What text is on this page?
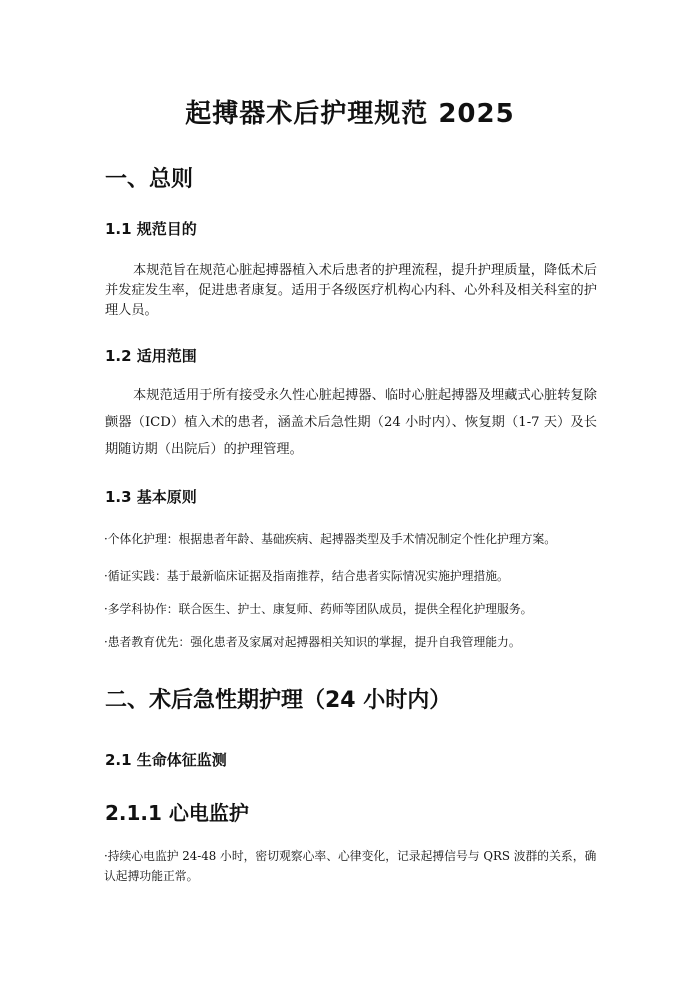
起搏器术后护理规范 2025
一、总则
1.1 规范目的
本规范旨在规范心脏起搏器植入术后患者的护理流程，提升护理质量，降低术后并发症发生率，促进患者康复。适用于各级医疗机构心内科、心外科及相关科室的护理人员。
1.2 适用范围
本规范适用于所有接受永久性心脏起搏器、临时心脏起搏器及埋藏式心脏转复除颤器（ICD）植入术的患者，涵盖术后急性期（24 小时内）、恢复期（1-7 天）及长期随访期（出院后）的护理管理。
1.3 基本原则
·个体化护理：根据患者年龄、基础疾病、起搏器类型及手术情况制定个性化护理方案。
·循证实践：基于最新临床证据及指南推荐，结合患者实际情况实施护理措施。
·多学科协作：联合医生、护士、康复师、药师等团队成员，提供全程化护理服务。
·患者教育优先：强化患者及家属对起搏器相关知识的掌握，提升自我管理能力。
二、术后急性期护理（24 小时内）
2.1 生命体征监测
2.1.1 心电监护
·持续心电监护 24-48 小时，密切观察心率、心律变化，记录起搏信号与 QRS 波群的关系，确认起搏功能正常。
